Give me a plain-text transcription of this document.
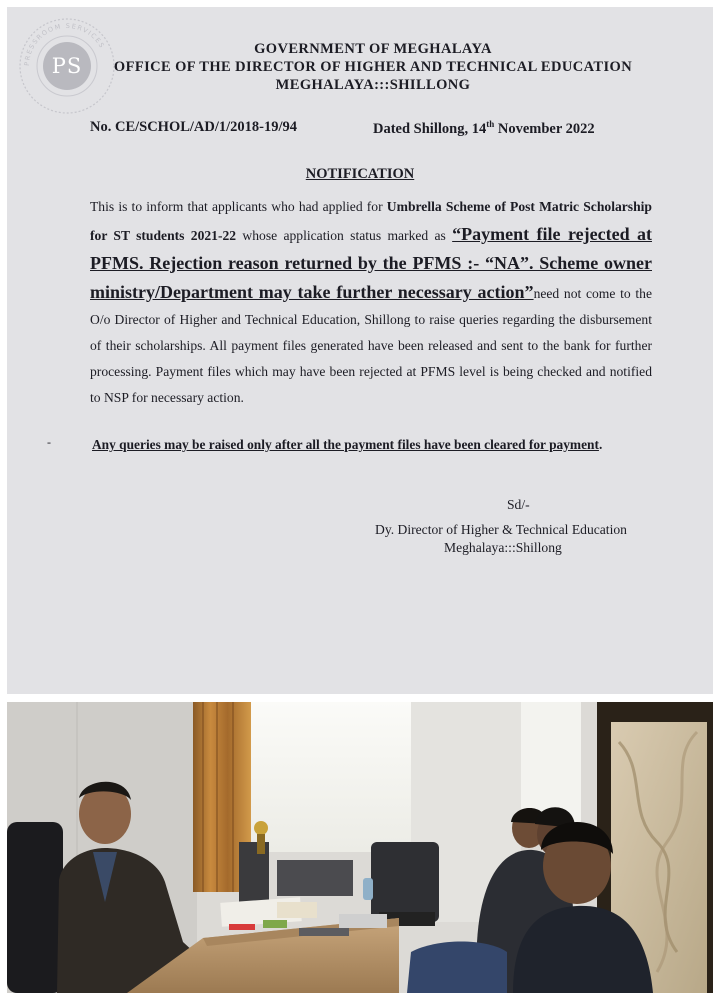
PRESSROOM SERVICES
PS
GOVERNMENT OF MEGHALAYA
OFFICE OF THE DIRECTOR OF HIGHER AND TECHNICAL EDUCATION
MEGHALAYA:::SHILLONG
No. CE/SCHOL/AD/1/2018-19/94	Dated Shillong, 14th November 2022
NOTIFICATION
This is to inform that applicants who had applied for Umbrella Scheme of Post Matric Scholarship for ST students 2021-22 whose application status marked as “Payment file rejected at PFMS. Rejection reason returned by the PFMS :- “NA”. Scheme owner ministry/Department may take further necessary action”need not come to the O/o Director of Higher and Technical Education, Shillong to raise queries regarding the disbursement of their scholarships. All payment files generated have been released and sent to the bank for further processing. Payment files which may have been rejected at PFMS level is being checked and notified to NSP for necessary action.
-	Any queries may be raised only after all the payment files have been cleared for payment.
Sd/-
Dy. Director of Higher & Technical Education
Meghalaya:::Shillong
